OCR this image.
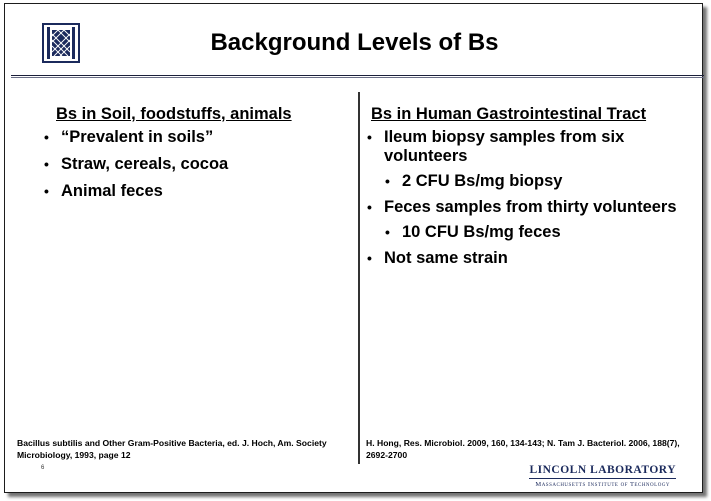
Background Levels of Bs
Bs in Soil, foodstuffs, animals
• “Prevalent in soils”
• Straw, cereals, cocoa
• Animal feces
Bs in Human Gastrointestinal Tract
• Ileum biopsy samples from six volunteers
• 2 CFU Bs/mg biopsy
• Feces samples from thirty volunteers
• 10 CFU Bs/mg feces
• Not same strain
Bacillus subtilis and Other Gram-Positive Bacteria, ed. J. Hoch, Am. Society Microbiology, 1993, page 12
H. Hong, Res. Microbiol. 2009, 160, 134-143; N. Tam J. Bacteriol. 2006, 188(7), 2692-2700
6	LINCOLN LABORATORY
Massachusetts Institute of Technology
